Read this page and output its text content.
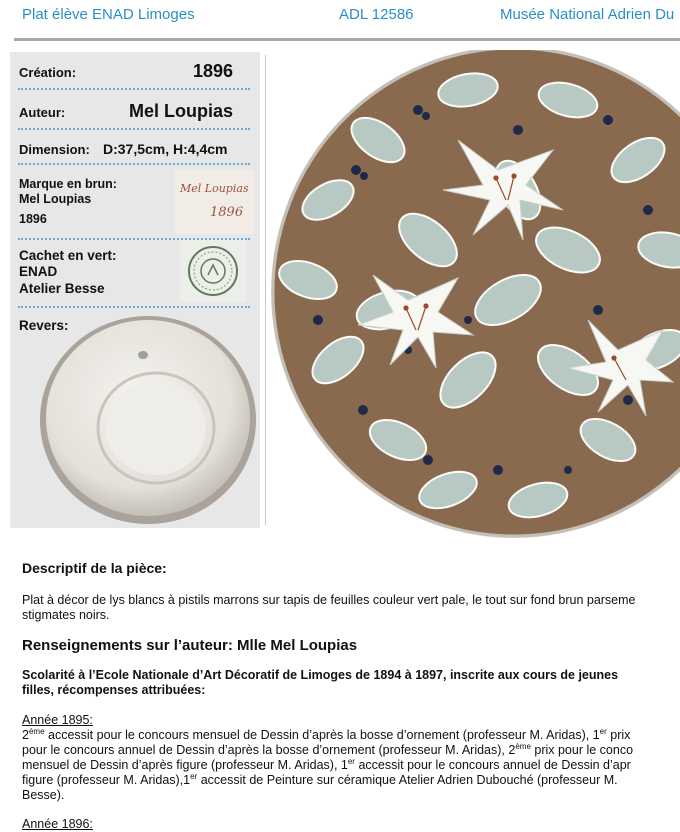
Plat élève ENAD Limoges	ADL 12586	Musée National Adrien Du
Création:	1896
Auteur:	Mel Loupias
Dimension: D:37,5cm, H:4,4cm
Marque en brun:
Mel Loupias
1896
Mel Loupias
1896
Cachet en vert:
ENAD
Atelier Besse
Revers:
Descriptif de la pièce:
Plat à décor de lys blancs à pistils marrons sur tapis de feuilles couleur vert pale, le tout sur fond brun parseme
stigmates noirs.
Renseignements sur l’auteur: Mlle Mel Loupias
Scolarité à l’Ecole Nationale d’Art Décoratif de Limoges de 1894 à 1897, inscrite aux cours de jeunes
filles, récompenses attribuées:
Année 1895:
2ème accessit pour le concours mensuel de Dessin d’après la bosse d’ornement (professeur M. Aridas), 1er prix
pour le concours annuel de Dessin d’après la bosse d’ornement (professeur M. Aridas), 2ème prix pour le conco
mensuel de Dessin d’après figure (professeur M. Aridas), 1er accessit pour le concours annuel de Dessin d’apr
figure (professeur M. Aridas),1er accessit de Peinture sur céramique Atelier Adrien Dubouché (professeur M.
Besse).
Année 1896:
